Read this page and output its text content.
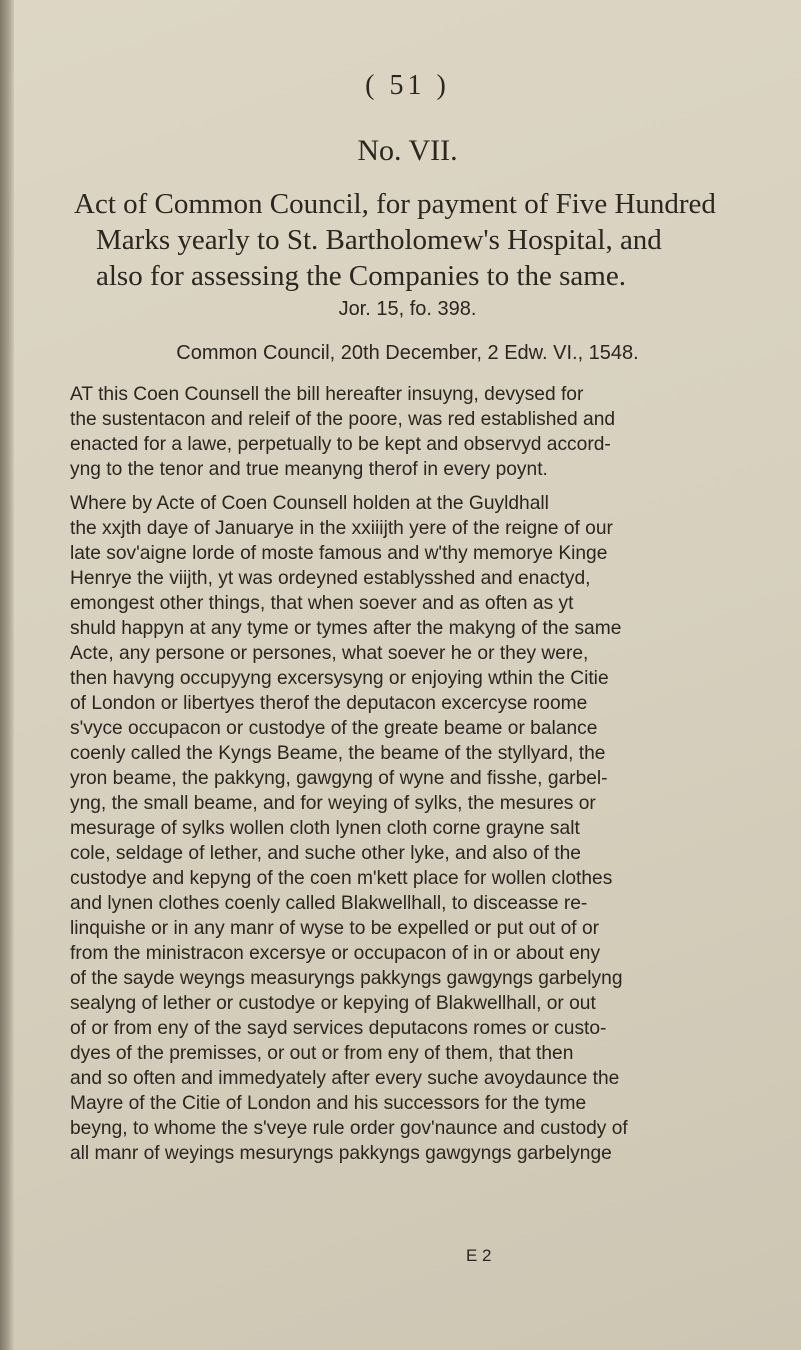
( 51 )
No. VII.
Act of Common Council, for payment of Five Hundred
Marks yearly to St. Bartholomew's Hospital, and
also for assessing the Companies to the same.
Jor. 15, fo. 398.
Common Council, 20th December, 2 Edw. VI., 1548.
AT this Coen Counsell the bill hereafter insuyng, devysed for
the sustentacon and releif of the poore, was red established and
enacted for a lawe, perpetually to be kept and observyd accord-
yng to the tenor and true meanyng therof in every poynt.
Where by Acte of Coen Counsell holden at the Guyldhall
the xxjth daye of Januarye in the xxiiijth yere of the reigne of our
late sov'aigne lorde of moste famous and w'thy memorye Kinge
Henrye the viijth, yt was ordeyned establysshed and enactyd,
emongest other things, that when soever and as often as yt
shuld happyn at any tyme or tymes after the makyng of the same
Acte, any persone or persones, what soever he or they were,
then havyng occupyyng excersysyng or enjoying wthin the Citie
of London or libertyes therof the deputacon excercyse roome
s'vyce occupacon or custodye of the greate beame or balance
coenly called the Kyngs Beame, the beame of the styllyard, the
yron beame, the pakkyng, gawgyng of wyne and fisshe, garbel-
yng, the small beame, and for weying of sylks, the mesures or
mesurage of sylks wollen cloth lynen cloth corne grayne salt
cole, seldage of lether, and suche other lyke, and also of the
custodye and kepyng of the coen m'kett place for wollen clothes
and lynen clothes coenly called Blakwellhall, to disceasse re-
linquishe or in any manr of wyse to be expelled or put out of or
from the ministracon excersye or occupacon of in or about eny
of the sayde weyngs measuryngs pakkyngs gawgyngs garbelyng
sealyng of lether or custodye or kepying of Blakwellhall, or out
of or from eny of the sayd services deputacons romes or custo-
dyes of the premisses, or out or from eny of them, that then
and so often and immedyately after every suche avoydaunce the
Mayre of the Citie of London and his successors for the tyme
beyng, to whome the s'veye rule order gov'naunce and custody of
all manr of weyings mesuryngs pakkyngs gawgyngs garbelynge
E 2
